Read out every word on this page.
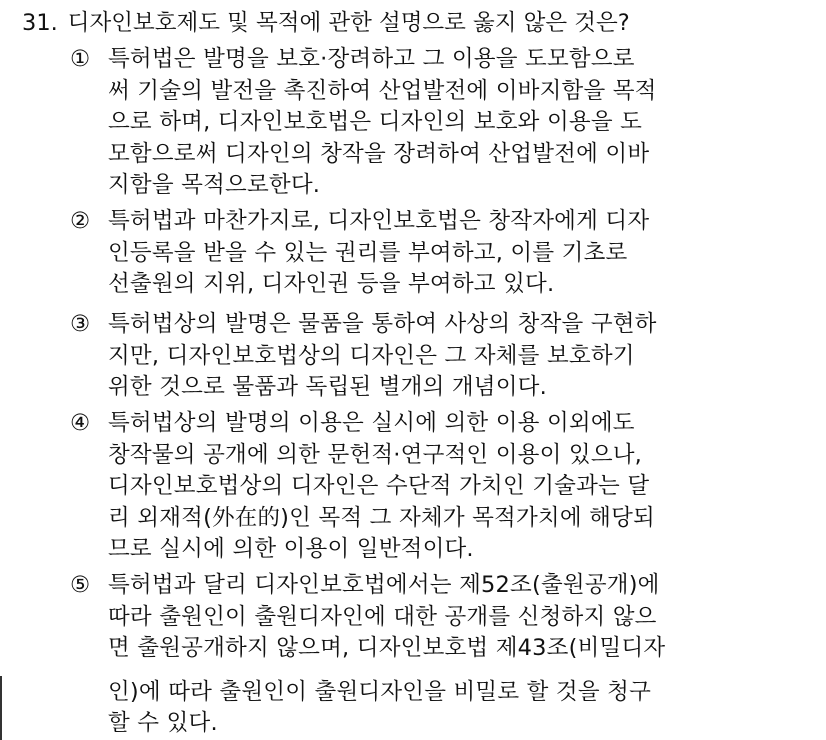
31. 디자인보호제도 및 목적에 관한 설명으로 옳지 않은 것은?
① 특허법은 발명을 보호·장려하고 그 이용을 도모함으로
써 기술의 발전을 촉진하여 산업발전에 이바지함을 목적
으로 하며, 디자인보호법은 디자인의 보호와 이용을 도
모함으로써 디자인의 창작을 장려하여 산업발전에 이바
지함을 목적으로한다.
② 특허법과 마찬가지로, 디자인보호법은 창작자에게 디자
인등록을 받을 수 있는 권리를 부여하고, 이를 기초로
선출원의 지위, 디자인권 등을 부여하고 있다.
③ 특허법상의 발명은 물품을 통하여 사상의 창작을 구현하
지만, 디자인보호법상의 디자인은 그 자체를 보호하기
위한 것으로 물품과 독립된 별개의 개념이다.
④ 특허법상의 발명의 이용은 실시에 의한 이용 이외에도
창작물의 공개에 의한 문헌적·연구적인 이용이 있으나,
디자인보호법상의 디자인은 수단적 가치인 기술과는 달
리 외재적(外在的)인 목적 그 자체가 목적가치에 해당되
므로 실시에 의한 이용이 일반적이다.
⑤ 특허법과 달리 디자인보호법에서는 제52조(출원공개)에
따라 출원인이 출원디자인에 대한 공개를 신청하지 않으
면 출원공개하지 않으며, 디자인보호법 제43조(비밀디자
인)에 따라 출원인이 출원디자인을 비밀로 할 것을 청구
할 수 있다.
